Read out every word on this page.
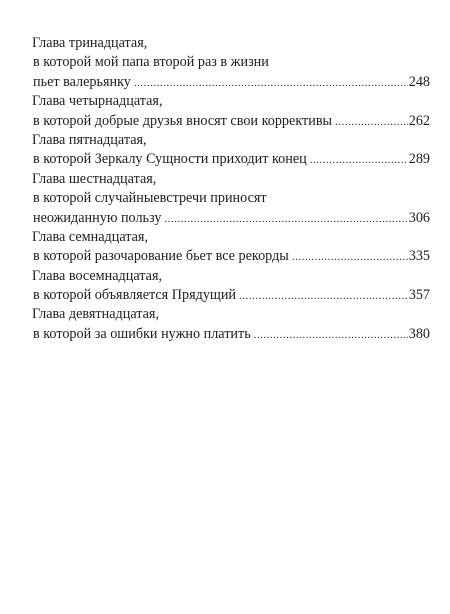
Глава тринадцатая,
в которой мой папа второй раз в жизни
пьет валерьянку .....	248
Глава четырнадцатая,
в которой добрые друзья вносят свои коррективы .....	262
Глава пятнадцатая,
в которой Зеркалу Сущности приходит конец .....	289
Глава шестнадцатая,
в которой случайныевстречи приносят
неожиданную пользу .....	306
Глава семнадцатая,
в которой разочарование бьет все рекорды .....	335
Глава восемнадцатая,
в которой объявляется Прядущий .....	357
Глава девятнадцатая,
в которой за ошибки нужно платить .....	380
